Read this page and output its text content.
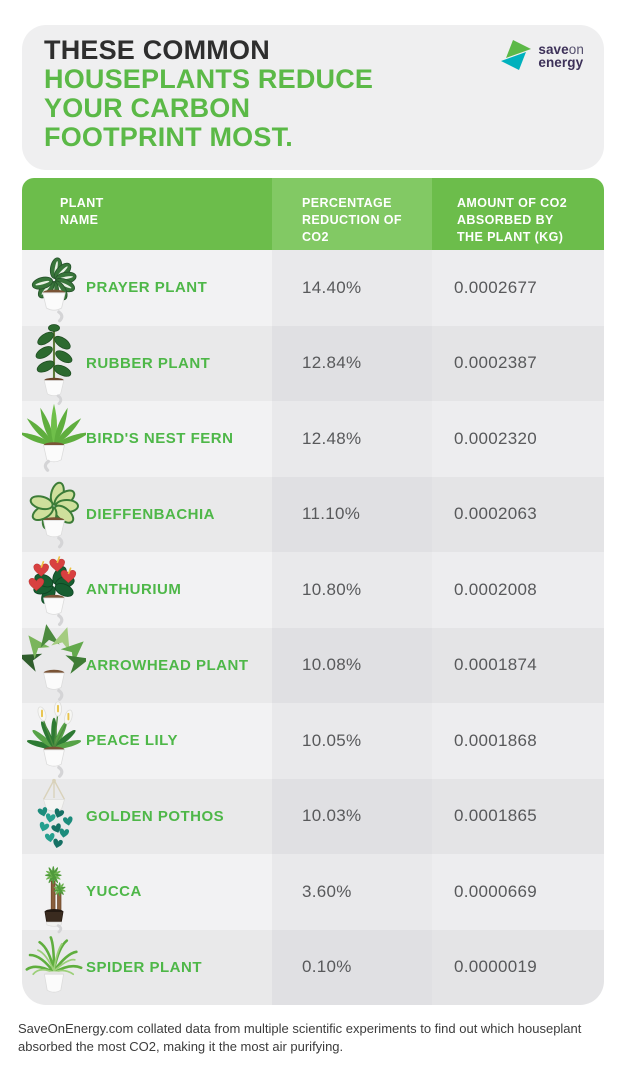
THESE COMMON
HOUSEPLANTS REDUCE
YOUR CARBON
FOOTPRINT MOST.
saveon
energy
PLANT NAME
PERCENTAGE REDUCTION OF CO2
AMOUNT OF CO2 ABSORBED BY THE PLANT (KG)
PRAYER PLANT	14.40%	0.0002677
RUBBER PLANT	12.84%	0.0002387
BIRD'S NEST FERN	12.48%	0.0002320
DIEFFENBACHIA	11.10%	0.0002063
ANTHURIUM	10.80%	0.0002008
ARROWHEAD PLANT	10.08%	0.0001874
PEACE LILY	10.05%	0.0001868
GOLDEN POTHOS	10.03%	0.0001865
YUCCA	3.60%	0.0000669
SPIDER PLANT	0.10%	0.0000019
SaveOnEnergy.com collated data from multiple scientific experiments to find out which houseplant absorbed the most CO2, making it the most air purifying.
